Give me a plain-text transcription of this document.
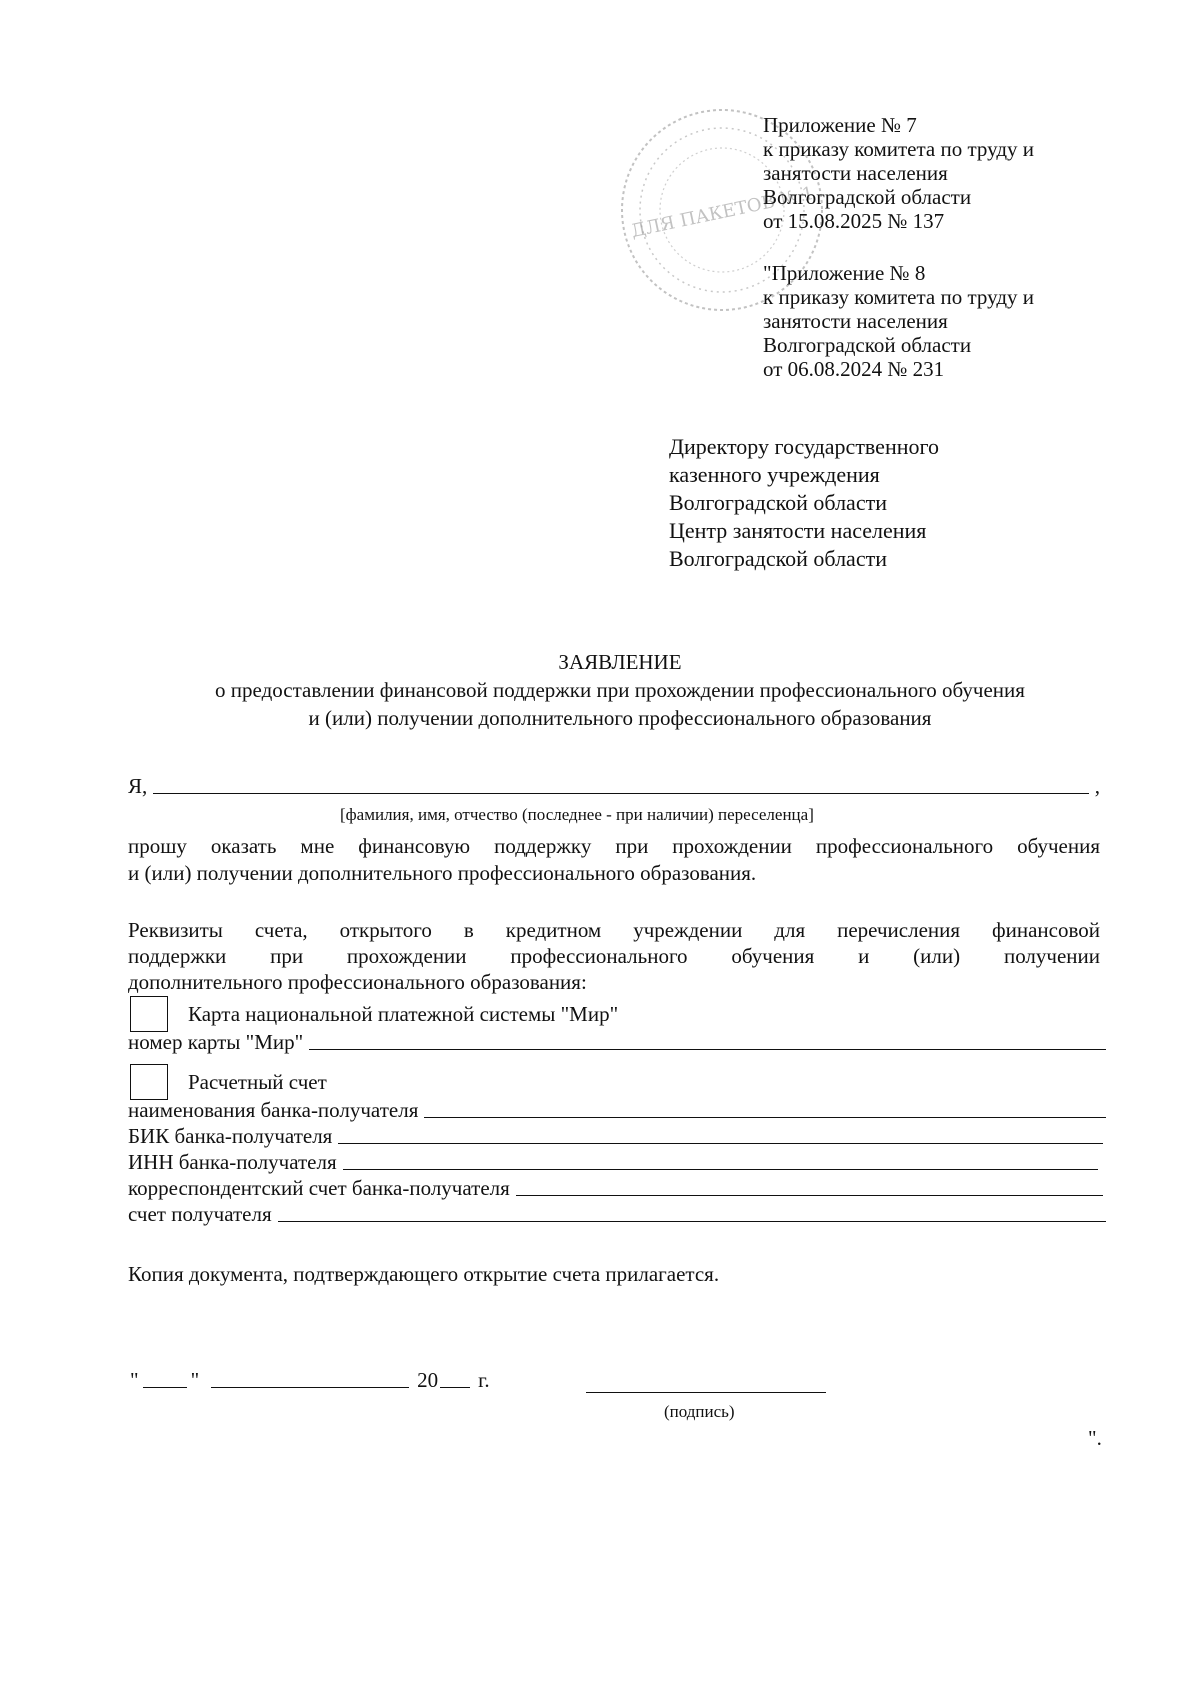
ДЛЯ ПАКЕТОВ № 1
Приложение № 7
к приказу комитета по труду и
занятости населения
Волгоградской области
от 15.08.2025 № 137
"Приложение № 8
к приказу комитета по труду и
занятости населения
Волгоградской области
от 06.08.2024 № 231
Директору государственного
казенного учреждения
Волгоградской области
Центр занятости населения
Волгоградской области
ЗАЯВЛЕНИЕ
о предоставлении финансовой поддержки при прохождении профессионального обучения
и (или) получении дополнительного профессионального образования
Я,	,
[фамилия, имя, отчество (последнее - при наличии) переселенца]
прошу оказать мне финансовую поддержку при прохождении профессионального обучения
и (или) получении дополнительного профессионального образования.
Реквизиты счета, открытого в кредитном учреждении для перечисления финансовой
поддержки при прохождении профессионального обучения и (или) получении
дополнительного профессионального образования:
Карта национальной платежной системы "Мир"
номер карты "Мир"
Расчетный счет
наименования банка-получателя
БИК банка-получателя
ИНН банка-получателя
корреспондентский счет банка-получателя
счет получателя
Копия документа, подтверждающего открытие счета прилагается.
" "	20 г.
(подпись)
".
